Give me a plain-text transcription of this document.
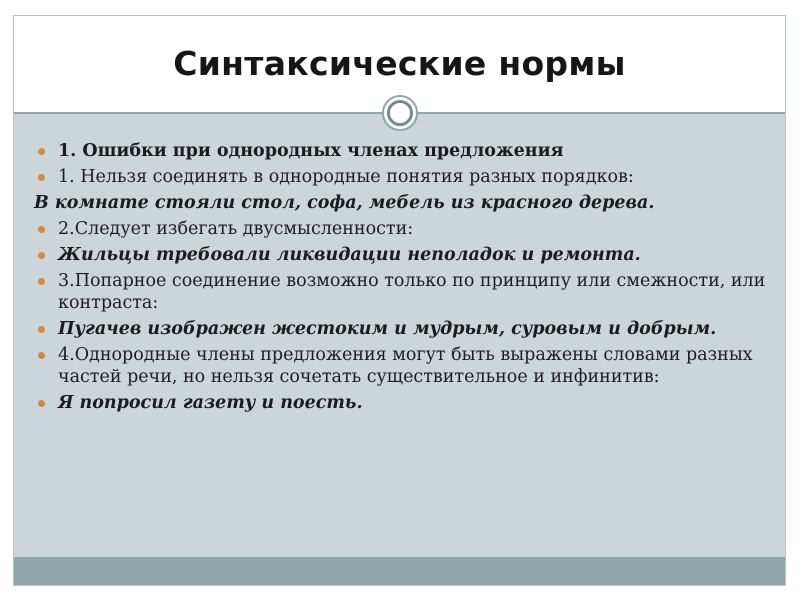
Синтаксические нормы
1. Ошибки при однородных членах предложения
1. Нельзя соединять в однородные понятия разных порядков:
В комнате стояли стол, софа, мебель из красного дерева.
2.Следует избегать двусмысленности:
Жильцы требовали ликвидации неполадок и ремонта.
3.Попарное соединение возможно только по принципу или смежности, или контраста:
Пугачев изображен жестоким и мудрым, суровым и добрым.
4.Однородные члены предложения могут быть выражены словами разных частей речи, но нельзя сочетать существительное и инфинитив:
Я попросил газету и поесть.
